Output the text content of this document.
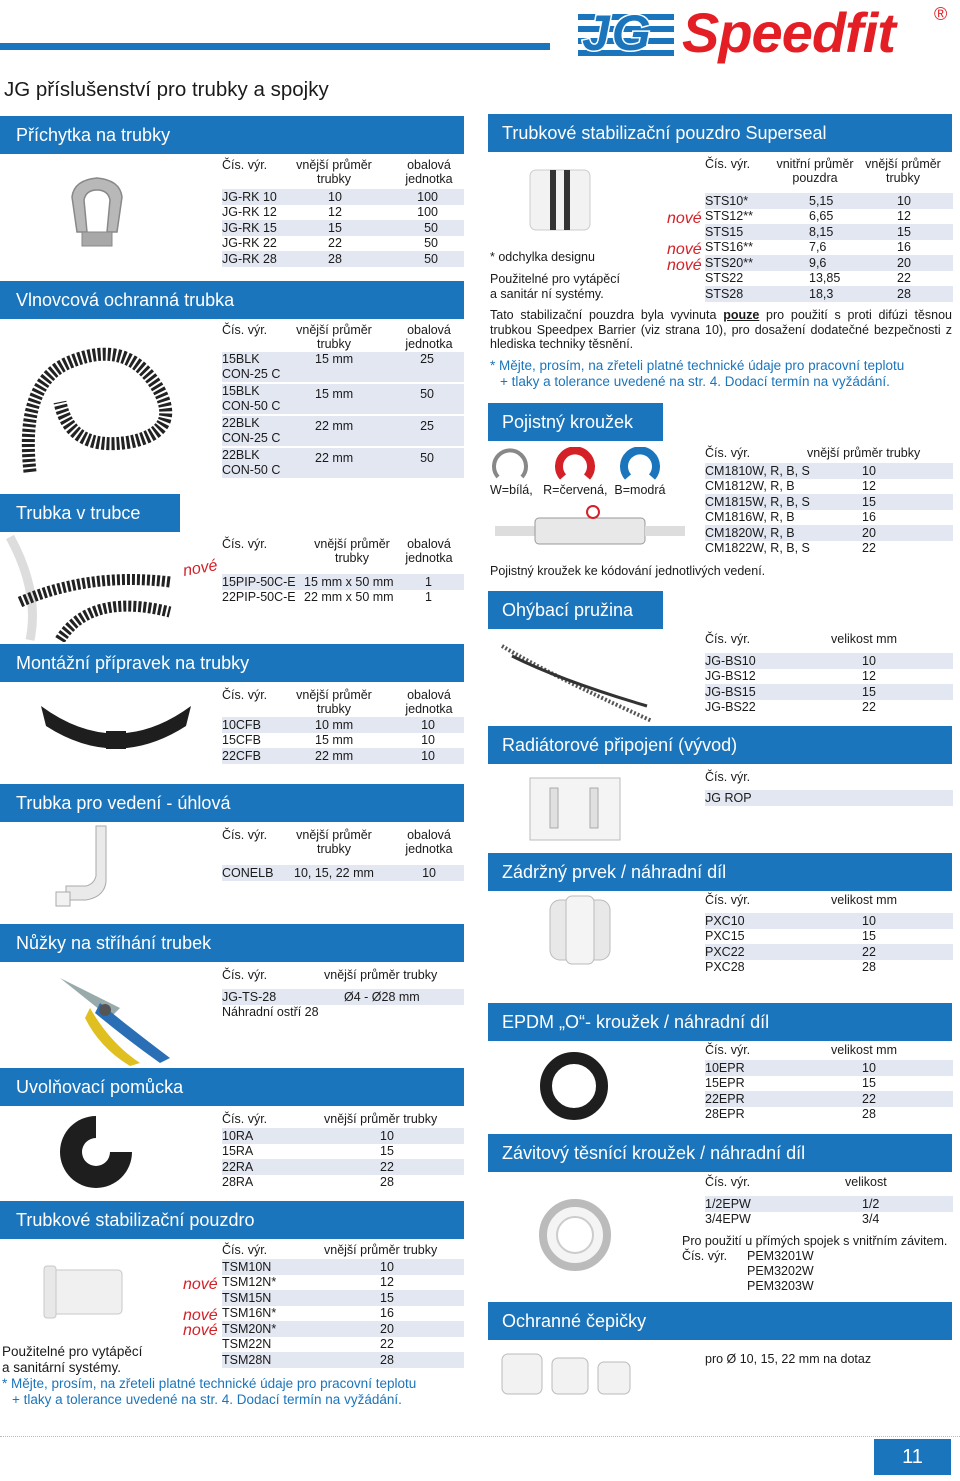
JG Speedfit ®
JG příslušenství pro trubky a spojky
Příchytka na trubky
Čís. výr.	vnější průměr trubky
obalová jednotka
JG-RK 10	10	100
JG-RK 12	12	100
JG-RK 15	15	50
JG-RK 22	22	50
JG-RK 28	28	50
Vlnovcová ochranná trubka
Čís. výr.	vnější průměr trubky
obalová jednotka
15BLK
CON-25 C
15 mm	25
15BLK
CON-50 C
15 mm	50
22BLK
CON-25 C
22 mm	25
22BLK
CON-50 C
22 mm	50
Trubka v trubce
nové
Čís. výr.	vnější průměr trubky
obalová jednotka
15PIP-50C-E 15 mm x 50 mm	1
22PIP-50C-E 22 mm x 50 mm	1
Montážní přípravek na trubky
Čís. výr.	vnější průměr trubky
obalová jednotka
10CFB	10 mm	10
15CFB	15 mm	10
22CFB	22 mm	10
Trubka pro vedení - úhlová
Čís. výr.	vnější průměr trubky
obalová jednotka
CONELB	10, 15, 22 mm	10
Nůžky na stříhání trubek
Čís. výr.	vnější průměr trubky
JG-TS-28	Ø4 - Ø28 mm
Náhradní ostří 28
Uvolňovací pomůcka
Čís. výr.	vnější průměr trubky
10RA	10
15RA	15
22RA	22
28RA	28
Trubkové stabilizační pouzdro
Čís. výr.	vnější průměr trubky
nové
nové
nové
TSM10N	10
TSM12N*	12
TSM15N	15
TSM16N*	16
TSM20N*	20
TSM22N	22
TSM28N	28
Použitelné pro vytápěcí
a sanitární systémy.
* Mějte, prosím, na zřeteli platné technické údaje pro pracovní teplotu
+ tlaky a tolerance uvedené na str. 4. Dodací termín na vyžádání.
Trubkové stabilizační pouzdro Superseal
* odchylka designu
Použitelné pro vytápěcí
a sanitár ní systémy.
Čís. výr.	vnitřní průměr pouzdra
vnější průměr trubky
nové
nové
nové
STS10*	5,15	10
STS12**	6,65	12
STS15	8,15	15
STS16**	7,6	16
STS20**	9,6	20
STS22	13,85	22
STS28	18,3	28
Tato stabilizační pouzdra byla vyvinuta pouze pro použití s proti difúzi těsnou trubkou Speedpex Barrier (viz strana 10), pro dosažení dodatečné bezpečnosti z hlediska techniky těsnění.
* Mějte, prosím, na zřeteli platné technické údaje pro pracovní teplotu
+ tlaky a tolerance uvedené na str. 4. Dodací termín na vyžádání.
Pojistný kroužek
W=bílá, R=červená, B=modrá
Pojistný kroužek ke kódování jednotlivých vedení.
Čís. výr.	vnější průměr trubky
CM1810W, R, B, S	10
CM1812W, R, B	12
CM1815W, R, B, S	15
CM1816W, R, B	16
CM1820W, R, B	20
CM1822W, R, B, S	22
Ohýbací pružina
Čís. výr.	velikost mm
JG-BS10	10
JG-BS12	12
JG-BS15	15
JG-BS22	22
Radiátorové připojení (vývod)
Čís. výr.
JG ROP
Zádržný prvek / náhradní díl
Čís. výr.	velikost mm
PXC10	10
PXC15	15
PXC22	22
PXC28	28
EPDM „O“- kroužek / náhradní díl
Čís. výr.	velikost mm
10EPR	10
15EPR	15
22EPR	22
28EPR	28
Závitový těsnící kroužek / náhradní díl
Čís. výr.	velikost
1/2EPW	1/2
3/4EPW	3/4
Pro použití u přímých spojek s vnitřním závitem.
Čís. výr. PEM3201W
PEM3202W
PEM3203W
Ochranné čepičky
pro Ø 10, 15, 22 mm na dotaz
11
